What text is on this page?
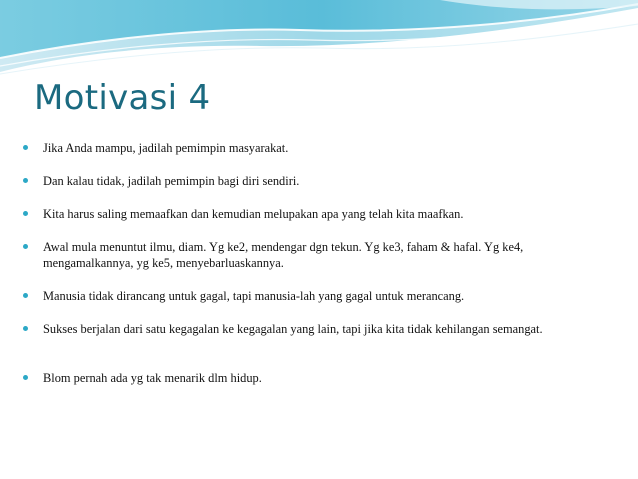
Motivasi 4
Jika Anda mampu, jadilah pemimpin masyarakat.
Dan kalau tidak, jadilah pemimpin bagi diri sendiri.
Kita harus saling memaafkan dan kemudian melupakan apa yang telah kita maafkan.
Awal mula menuntut ilmu, diam. Yg ke2, mendengar dgn tekun. Yg ke3, faham & hafal. Yg ke4, mengamalkannya, yg ke5, menyebarluaskannya.
Manusia tidak dirancang untuk gagal, tapi manusia-lah yang gagal untuk merancang.
Sukses berjalan dari satu kegagalan ke kegagalan yang lain, tapi jika kita tidak kehilangan semangat.
Blom pernah ada yg tak menarik dlm hidup.
